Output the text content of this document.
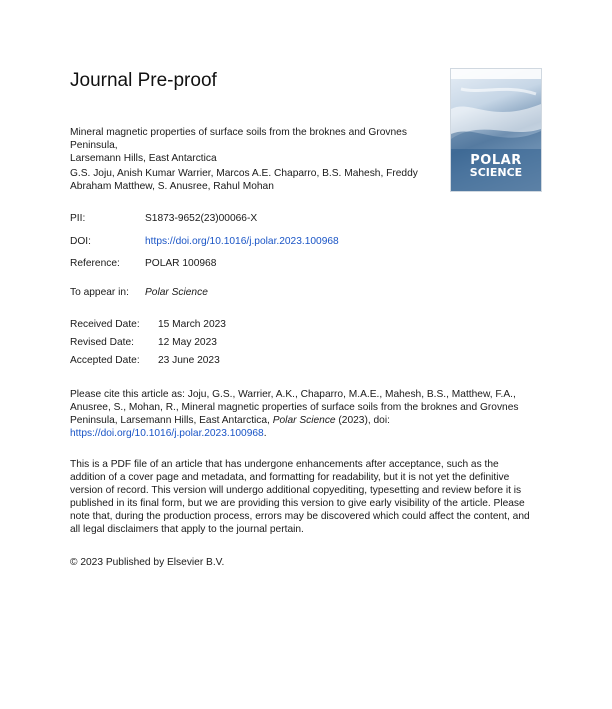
Journal Pre-proof
POLAR
SCIENCE

Mineral magnetic properties of surface soils from the broknes and Grovnes Peninsula,
Larsemann Hills, East Antarctica

G.S. Joju, Anish Kumar Warrier, Marcos A.E. Chaparro, B.S. Mahesh, Freddy Abraham Matthew, S. Anusree, Rahul Mohan

PII:	S1873-9652(23)00066-X
DOI:	https://doi.org/10.1016/j.polar.2023.100968
Reference:	POLAR 100968
To appear in:	Polar Science
Received Date:	15 March 2023
Revised Date:	12 May 2023
Accepted Date:	23 June 2023

Please cite this article as: Joju, G.S., Warrier, A.K., Chaparro, M.A.E., Mahesh, B.S., Matthew, F.A., Anusree, S., Mohan, R., Mineral magnetic properties of surface soils from the broknes and Grovnes Peninsula, Larsemann Hills, East Antarctica, Polar Science (2023), doi: https://doi.org/10.1016/j.polar.2023.100968.

This is a PDF file of an article that has undergone enhancements after acceptance, such as the addition of a cover page and metadata, and formatting for readability, but it is not yet the definitive version of record. This version will undergo additional copyediting, typesetting and review before it is published in its final form, but we are providing this version to give early visibility of the article. Please note that, during the production process, errors may be discovered which could affect the content, and all legal disclaimers that apply to the journal pertain.

© 2023 Published by Elsevier B.V.
